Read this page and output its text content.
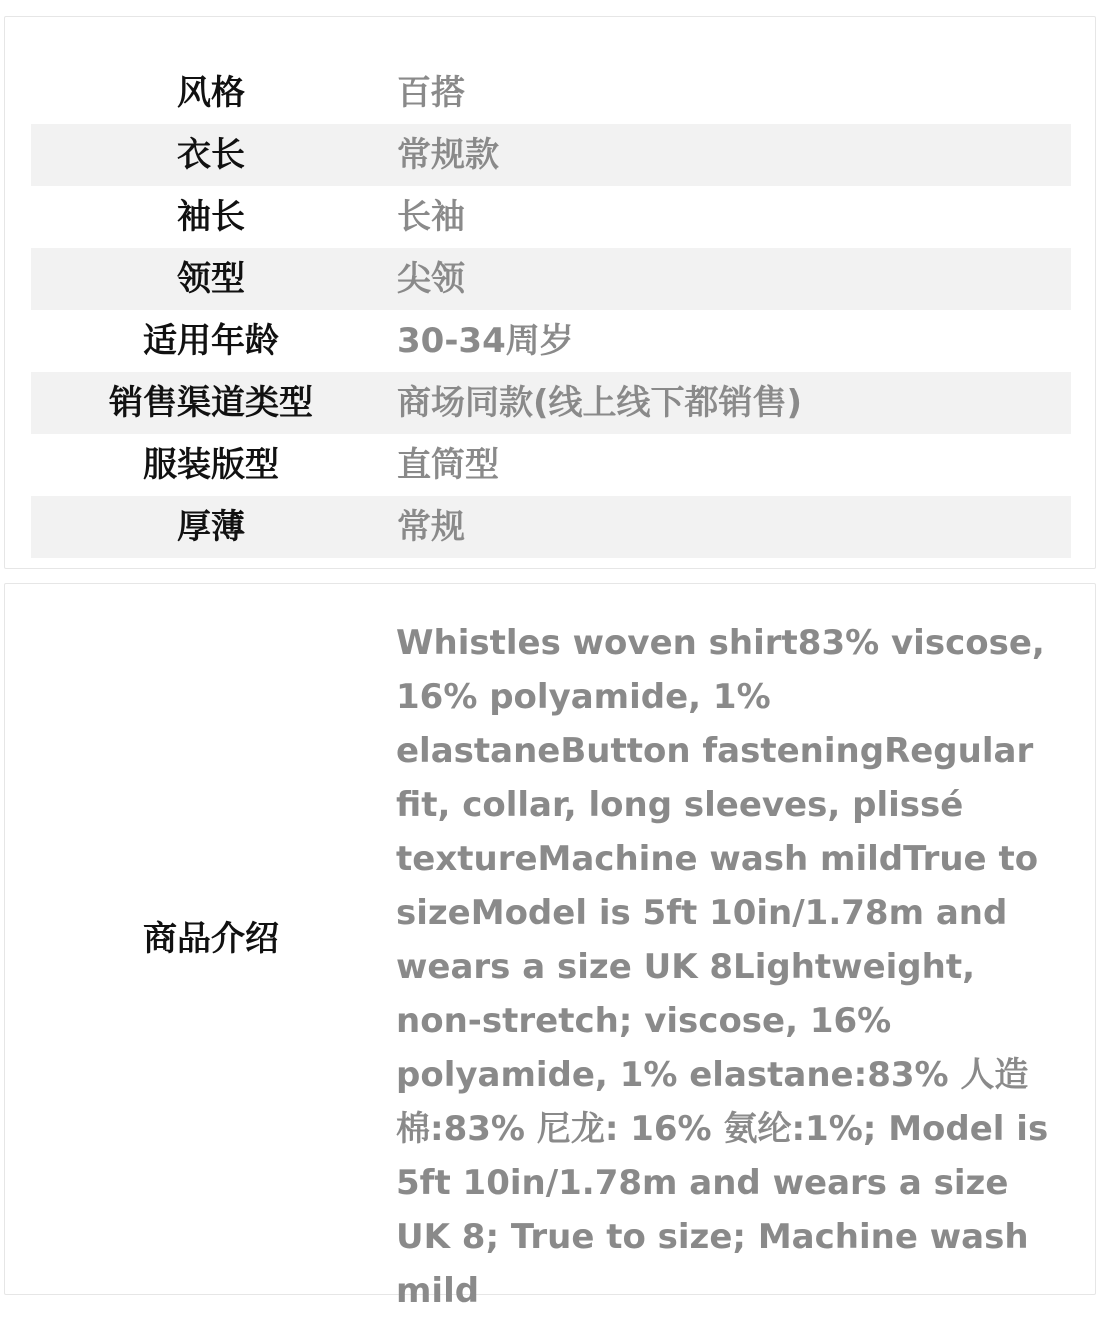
风格	百搭
衣长	常规款
袖长	长袖
领型	尖领
适用年龄	30-34周岁
销售渠道类型	商场同款(线上线下都销售)
服装版型	直筒型
厚薄	常规
商品介绍
Whistles woven shirt83% viscose, 16% polyamide, 1% elastaneButton fasteningRegular fit, collar, long sleeves, plissé textureMachine wash mildTrue to sizeModel is 5ft 10in/1.78m and wears a size UK 8Lightweight, non-stretch; viscose, 16% polyamide, 1% elastane:83% 人造棉:83% 尼龙: 16% 氨纶:1%; Model is 5ft 10in/1.78m and wears a size UK 8; True to size; Machine wash mild
